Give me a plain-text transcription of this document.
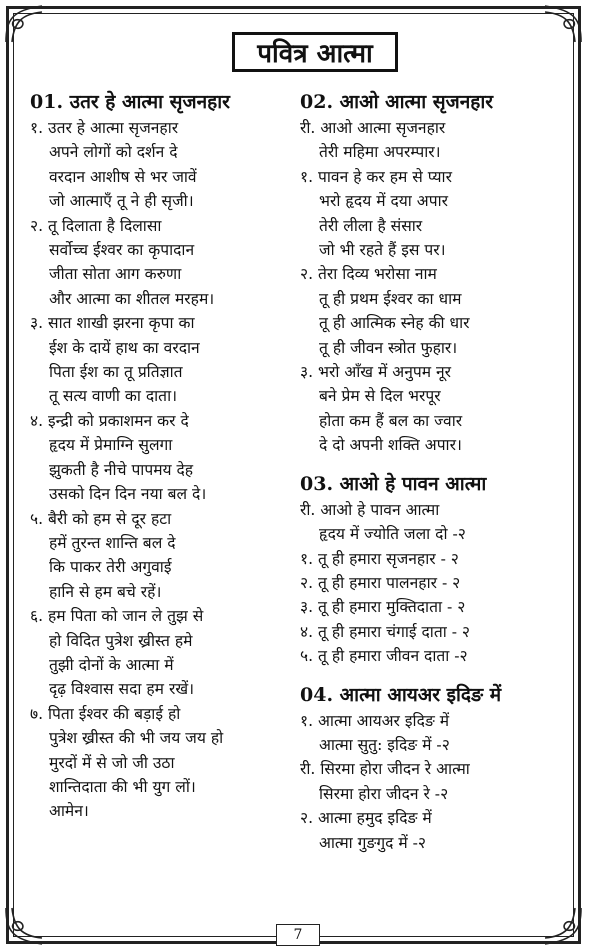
पवित्र आत्मा
01. उतर हे आत्मा सृजनहार
१. उतर हे आत्मा सृजनहार
अपने लोगों को दर्शन दे
वरदान आशीष से भर जावें
जो आत्माएँ तू ने ही सृजी।
२. तू दिलाता है दिलासा
सर्वोच्च ईश्वर का कृपादान
जीता सोता आग करुणा
और आत्मा का शीतल मरहम।
३. सात शाखी झरना कृपा का
ईश के दायें हाथ का वरदान
पिता ईश का तू प्रतिज्ञात
तू सत्य वाणी का दाता।
४. इन्द्री को प्रकाशमन कर दे
हृदय में प्रेमाग्नि सुलगा
झुकती है नीचे पापमय देह
उसको दिन दिन नया बल दे।
५. बैरी को हम से दूर हटा
हमें तुरन्त शान्ति बल दे
कि पाकर तेरी अगुवाई
हानि से हम बचे रहें।
६. हम पिता को जान ले तुझ से
हो विदित पुत्रेश ख्रीस्त हमे
तुझी दोनों के आत्मा में
दृढ़ विश्वास सदा हम रखें।
७. पिता ईश्वर की बड़ाई हो
पुत्रेश ख्रीस्त की भी जय जय हो
मुरदों में से जो जी उठा
शान्तिदाता की भी युग लों।
आमेन।
02. आओ आत्मा सृजनहार
री. आओ आत्मा सृजनहार
तेरी महिमा अपरम्पार।
१. पावन हे कर हम से प्यार
भरो हृदय में दया अपार
तेरी लीला है संसार
जो भी रहते हैं इस पर।
२. तेरा दिव्य भरोसा नाम
तू ही प्रथम ईश्वर का धाम
तू ही आत्मिक स्नेह की धार
तू ही जीवन स्त्रोत फुहार।
३. भरो आँख में अनुपम नूर
बने प्रेम से दिल भरपूर
होता कम हैं बल का ज्वार
दे दो अपनी शक्ति अपार।
03. आओ हे पावन आत्मा
री. आओ हे पावन आत्मा
हृदय में ज्योति जला दो -२
१. तू ही हमारा सृजनहार - २
२. तू ही हमारा पालनहार - २
३. तू ही हमारा मुक्तिदाता - २
४. तू ही हमारा चंगाई दाता - २
५. तू ही हमारा जीवन दाता -२
04. आत्मा आयअर इदिङ में
१. आत्मा आयअर इदिङ में
आत्मा सुतु: इदिङ में -२
री. सिरमा होरा जीदन रे आत्मा
सिरमा होरा जीदन रे -२
२. आत्मा हमुद इदिङ में
आत्मा गुङगुद में -२
7
